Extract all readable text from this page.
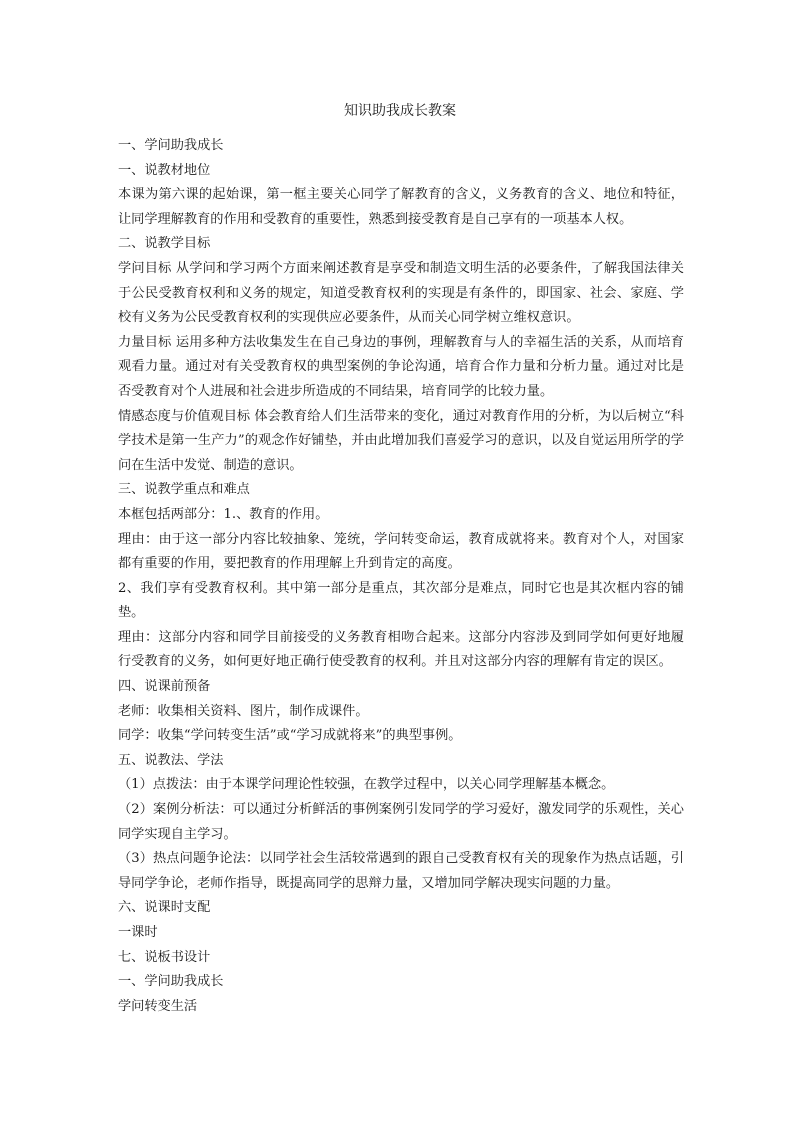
知识助我成长教案

一、学问助我成长

一、说教材地位

本课为第六课的起始课，第一框主要关心同学了解教育的含义，义务教育的含义、地位和特征，让同学理解教育的作用和受教育的重要性，熟悉到接受教育是自己享有的一项基本人权。

二、说教学目标

学问目标 从学问和学习两个方面来阐述教育是享受和制造文明生活的必要条件，了解我国法律关于公民受教育权利和义务的规定，知道受教育权利的实现是有条件的，即国家、社会、家庭、学校有义务为公民受教育权利的实现供应必要条件，从而关心同学树立维权意识。

力量目标 运用多种方法收集发生在自己身边的事例，理解教育与人的幸福生活的关系，从而培育观看力量。通过对有关受教育权的典型案例的争论沟通，培育合作力量和分析力量。通过对比是否受教育对个人进展和社会进步所造成的不同结果，培育同学的比较力量。

情感态度与价值观目标 体会教育给人们生活带来的变化，通过对教育作用的分析，为以后树立“科学技术是第一生产力”的观念作好铺垫，并由此增加我们喜爱学习的意识，以及自觉运用所学的学问在生活中发觉、制造的意识。

三、说教学重点和难点

本框包括两部分：1.、教育的作用。

理由：由于这一部分内容比较抽象、笼统，学问转变命运，教育成就将来。教育对个人，对国家都有重要的作用，要把教育的作用理解上升到肯定的高度。

2、我们享有受教育权利。其中第一部分是重点，其次部分是难点，同时它也是其次框内容的铺垫。

理由：这部分内容和同学目前接受的义务教育相吻合起来。这部分内容涉及到同学如何更好地履行受教育的义务，如何更好地正确行使受教育的权利。并且对这部分内容的理解有肯定的误区。

四、说课前预备

老师：收集相关资料、图片，制作成课件。

同学：收集“学问转变生活”或“学习成就将来”的典型事例。

五、说教法、学法

（1）点拨法：由于本课学问理论性较强，在教学过程中，以关心同学理解基本概念。

（2）案例分析法：可以通过分析鲜活的事例案例引发同学的学习爱好，激发同学的乐观性，关心同学实现自主学习。

（3）热点问题争论法：以同学社会生活较常遇到的跟自己受教育权有关的现象作为热点话题，引导同学争论，老师作指导，既提高同学的思辩力量，又增加同学解决现实问题的力量。

六、说课时支配

一课时

七、说板书设计

一、学问助我成长

学问转变生活
